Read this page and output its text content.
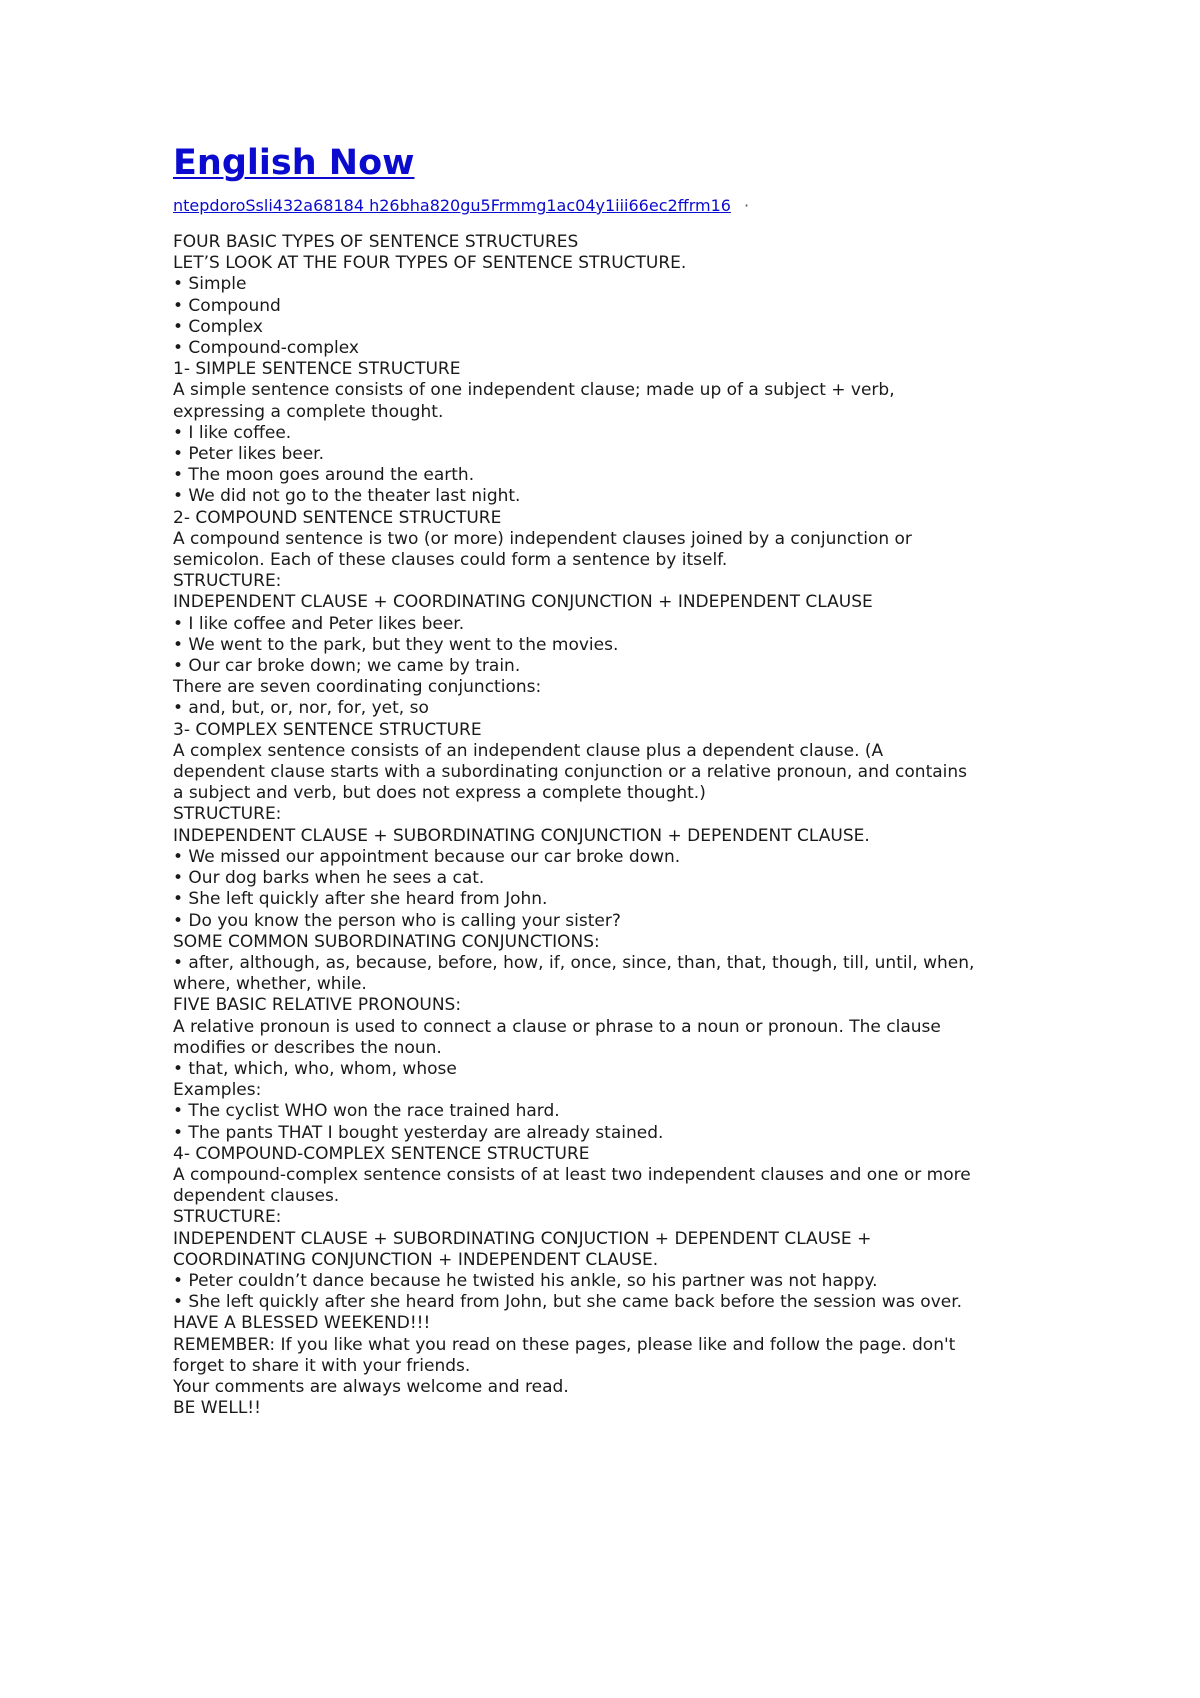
English Now
ntepdoroSsli432a68184 h26bha820gu5Frmmg1ac04y1iii66ec2ffrm16 ·

FOUR BASIC TYPES OF SENTENCE STRUCTURES

LET’S LOOK AT THE FOUR TYPES OF SENTENCE STRUCTURE.

• Simple

• Compound

• Complex

• Compound-complex

1- SIMPLE SENTENCE STRUCTURE

A simple sentence consists of one independent clause; made up of a subject + verb,

expressing a complete thought.

• I like coffee.

• Peter likes beer.

• The moon goes around the earth.

• We did not go to the theater last night.

2- COMPOUND SENTENCE STRUCTURE

A compound sentence is two (or more) independent clauses joined by a conjunction or

semicolon. Each of these clauses could form a sentence by itself.

STRUCTURE:

INDEPENDENT CLAUSE + COORDINATING CONJUNCTION + INDEPENDENT CLAUSE

• I like coffee and Peter likes beer.

• We went to the park, but they went to the movies.

• Our car broke down; we came by train.

There are seven coordinating conjunctions:

• and, but, or, nor, for, yet, so

3- COMPLEX SENTENCE STRUCTURE

A complex sentence consists of an independent clause plus a dependent clause. (A

dependent clause starts with a subordinating conjunction or a relative pronoun, and contains

a subject and verb, but does not express a complete thought.)

STRUCTURE:

INDEPENDENT CLAUSE + SUBORDINATING CONJUNCTION + DEPENDENT CLAUSE.

• We missed our appointment because our car broke down.

• Our dog barks when he sees a cat.

• She left quickly after she heard from John.

• Do you know the person who is calling your sister?

SOME COMMON SUBORDINATING CONJUNCTIONS:

• after, although, as, because, before, how, if, once, since, than, that, though, till, until, when,

where, whether, while.

FIVE BASIC RELATIVE PRONOUNS:

A relative pronoun is used to connect a clause or phrase to a noun or pronoun. The clause

modifies or describes the noun.

• that, which, who, whom, whose

Examples:

• The cyclist WHO won the race trained hard.

• The pants THAT I bought yesterday are already stained.

4- COMPOUND-COMPLEX SENTENCE STRUCTURE

A compound-complex sentence consists of at least two independent clauses and one or more

dependent clauses.

STRUCTURE:

INDEPENDENT CLAUSE + SUBORDINATING CONJUCTION + DEPENDENT CLAUSE +

COORDINATING CONJUNCTION + INDEPENDENT CLAUSE.

• Peter couldn’t dance because he twisted his ankle, so his partner was not happy.

• She left quickly after she heard from John, but she came back before the session was over.

HAVE A BLESSED WEEKEND!!!

REMEMBER: If you like what you read on these pages, please like and follow the page. don't

forget to share it with your friends.

Your comments are always welcome and read.

BE WELL!!
